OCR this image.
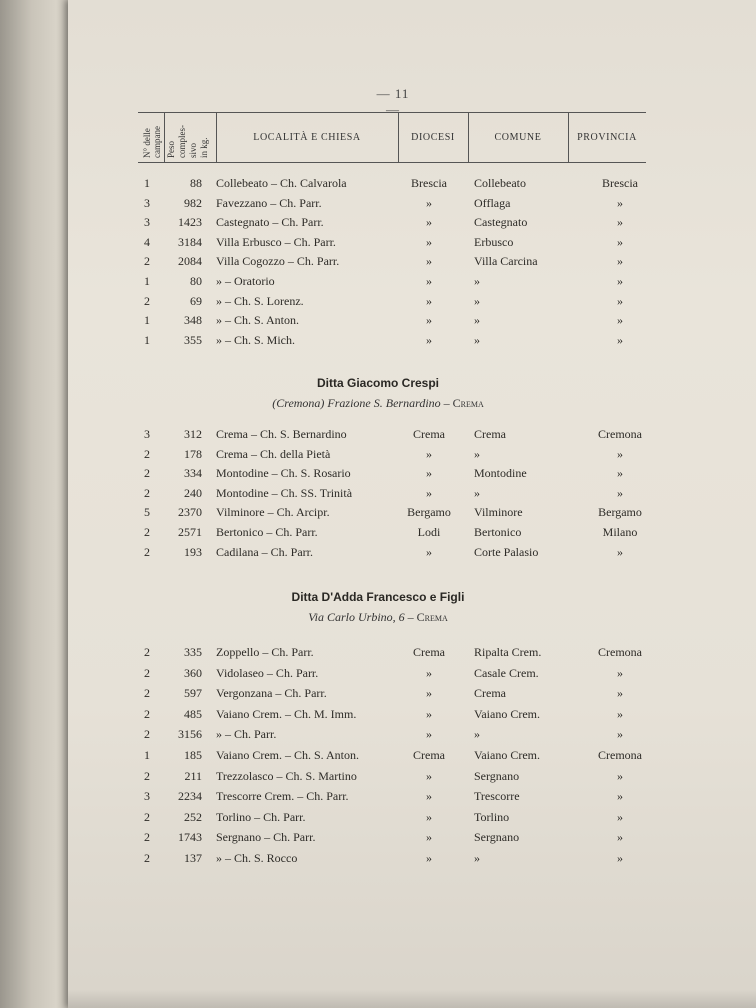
— 11 —
N° delle campane Peso comples- sivo in kg.
LOCALITÀ E CHIESA	DIOCESI	COMUNE	PROVINCIA
1	88 Collebeato – Ch. Calvarola	Brescia	Collebeato	Brescia
3	982 Favezzano – Ch. Parr.	»	Offlaga	»
3	1423 Castegnato – Ch. Parr.	»	Castegnato	»
4	3184 Villa Erbusco – Ch. Parr.	»	Erbusco	»
2	2084 Villa Cogozzo – Ch. Parr.	»	Villa Carcina	»
1	80 » – Oratorio	»	»	»
2	69 » – Ch. S. Lorenz.	»	»	»
1	348 » – Ch. S. Anton.	»	»	»
1	355 » – Ch. S. Mich.	»	»	»
Ditta Giacomo Crespi
(Cremona) Frazione S. Bernardino – Crema
3	312 Crema – Ch. S. Bernardino	Crema	Crema	Cremona
2	178 Crema – Ch. della Pietà	»	»	»
2	334 Montodine – Ch. S. Rosario	»	Montodine	»
2	240 Montodine – Ch. SS. Trinità	»	»	»
5	2370 Vilminore – Ch. Arcipr.	Bergamo	Vilminore	Bergamo
2	2571 Bertonico – Ch. Parr.	Lodi	Bertonico	Milano
2	193 Cadilana – Ch. Parr.	»	Corte Palasio	»
Ditta D'Adda Francesco e Figli
Via Carlo Urbino, 6 – Crema
2	335 Zoppello – Ch. Parr.	Crema	Ripalta Crem.	Cremona
2	360 Vidolaseo – Ch. Parr.	»	Casale Crem.	»
2	597 Vergonzana – Ch. Parr.	»	Crema	»
2	485 Vaiano Crem. – Ch. M. Imm.	»	Vaiano Crem.	»
2	3156 » – Ch. Parr.	»	»	»
1	185 Vaiano Crem. – Ch. S. Anton.	Crema	Vaiano Crem.	Cremona
2	211 Trezzolasco – Ch. S. Martino	»	Sergnano	»
3	2234 Trescorre Crem. – Ch. Parr.	»	Trescorre	»
2	252 Torlino – Ch. Parr.	»	Torlino	»
2	1743 Sergnano – Ch. Parr.	»	Sergnano	»
2	137 » – Ch. S. Rocco	»	»	»
